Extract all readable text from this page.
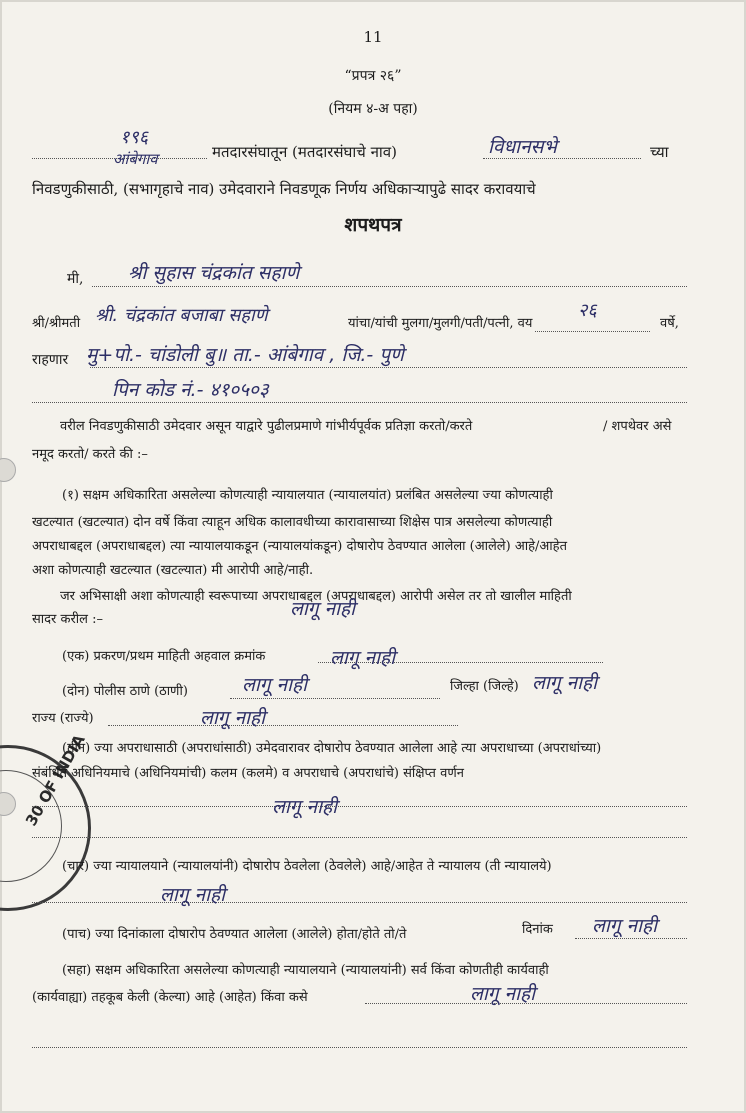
30 OF INDIA
11
“प्रपत्र २६”
(नियम ४-अ पहा)
१९६
आंबेगाव	मतदारसंघातून (मतदारसंघाचे नाव)	विधानसभे	च्या
निवडणुकीसाठी, (सभागृहाचे नाव) उमेदवाराने निवडणूक निर्णय अधिकाऱ्यापुढे सादर करावयाचे
शपथपत्र
मी, श्री सुहास चंद्रकांत सहाणे
श्री/श्रीमती श्री. चंद्रकांत बजाबा सहाणे	यांचा/यांची मुलगा/मुलगी/पती/पत्नी, वय
२६
वर्षे,
राहणार मु+पो.- चांडोली बु॥ ता.- आंबेगाव , जि.- पुणे
पिन कोड नं.- ४१०५०३
वरील निवडणुकीसाठी उमेदवार असून याद्वारे पुढीलप्रमाणे गांभीर्यपूर्वक प्रतिज्ञा करतो/करते	/ शपथेवर असे
नमूद करतो/ करते की :–
(१) सक्षम अधिकारिता असलेल्या कोणत्याही न्यायालयात (न्यायालयांत) प्रलंबित असलेल्या ज्या कोणत्याही
खटल्यात (खटल्यात) दोन वर्षे किंवा त्याहून अधिक कालावधीच्या कारावासाच्या शिक्षेस पात्र असलेल्या कोणत्याही
अपराधाबद्दल (अपराधाबद्दल) त्या न्यायालयाकडून (न्यायालयांकडून) दोषारोप ठेवण्यात आलेला (आलेले) आहे/आहेत
अशा कोणत्याही खटल्यात (खटल्यात) मी आरोपी आहे/नाही.
जर अभिसाक्षी अशा कोणत्याही स्वरूपाच्या अपराधाबद्दल (अपराधाबद्दल) आरोपी असेल तर तो खालील माहिती
सादर करील :–	लागू नाही
(एक) प्रकरण/प्रथम माहिती अहवाल क्रमांक	लागू नाही
(दोन) पोलीस ठाणे (ठाणी)	लागू नाही	जिल्हा (जिल्हे) लागू नाही
राज्य (राज्ये)	लागू नाही
(तीन) ज्या अपराधासाठी (अपराधांसाठी) उमेदवारावर दोषारोप ठेवण्यात आलेला आहे त्या अपराधाच्या (अपराधांच्या)
संबंधित अधिनियमाचे (अधिनियमांची) कलम (कलमे) व अपराधाचे (अपराधांचे) संक्षिप्त वर्णन
लागू नाही
(चार) ज्या न्यायालयाने (न्यायालयांनी) दोषारोप ठेवलेला (ठेवलेले) आहे/आहेत ते न्यायालय (ती न्यायालये)
लागू नाही
(पाच) ज्या दिनांकाला दोषारोप ठेवण्यात आलेला (आलेले) होता/होते तो/ते	दिनांक लागू नाही
(सहा) सक्षम अधिकारिता असलेल्या कोणत्याही न्यायालयाने (न्यायालयांनी) सर्व किंवा कोणतीही कार्यवाही
(कार्यवाह्या) तहकूब केली (केल्या) आहे (आहेत) किंवा कसे	लागू नाही
